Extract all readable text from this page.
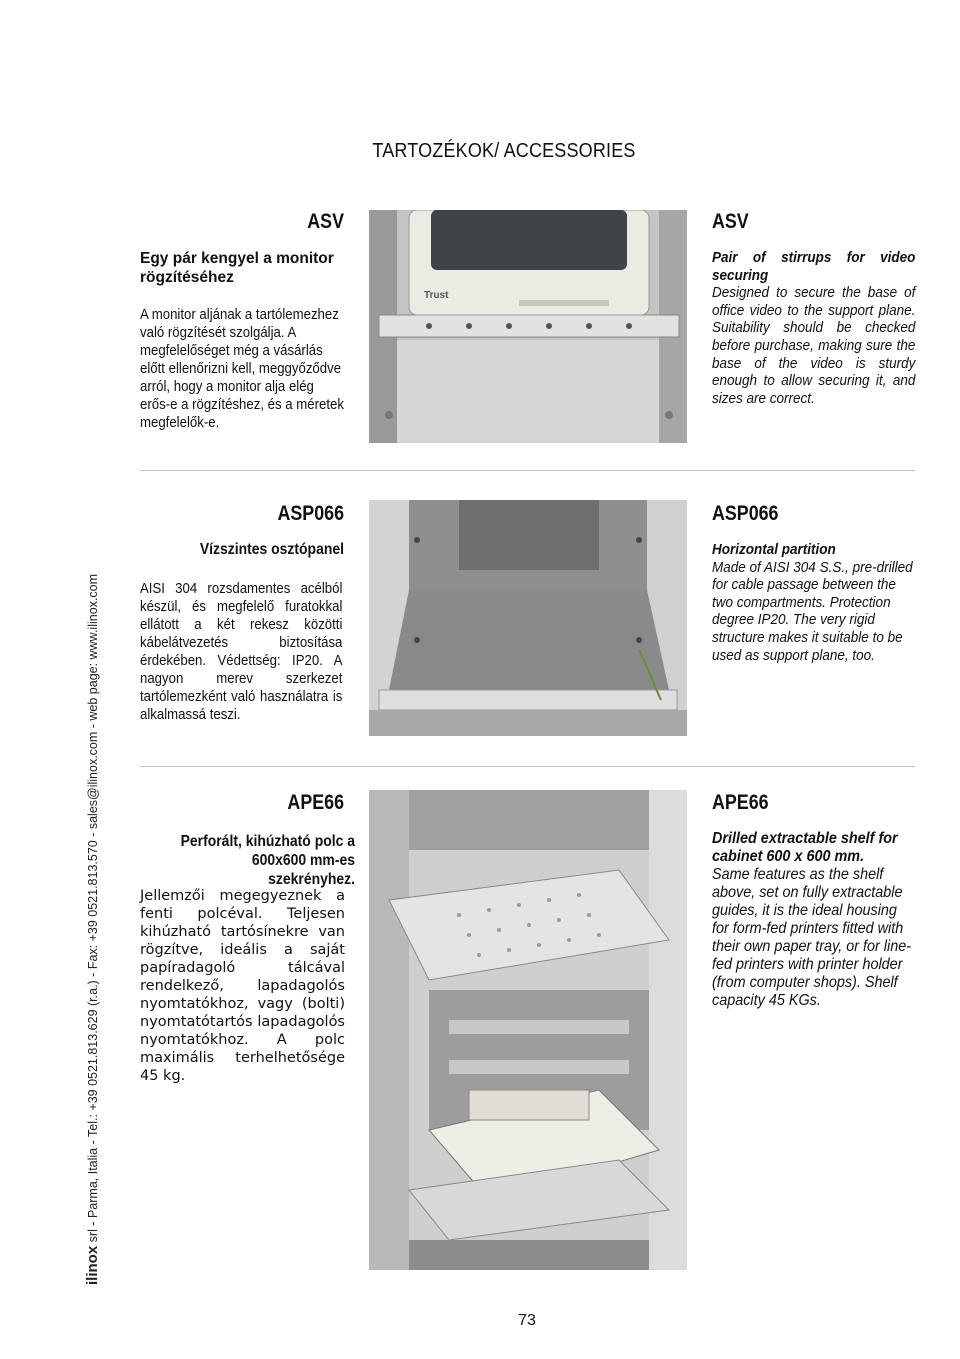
TARTOZÉKOK/ ACCESSORIES
ASV
Egy pár kengyel a monitor rögzítéséhez
A monitor aljának a tartólemezhez való rögzítését szolgálja. A megfelelőséget még a vásárlás előtt ellenőrizni kell, meggyőződve arról, hogy a monitor alja elég erős-e a rögzítéshez, és a méretek megfelelők-e.
Trust
ASV
Pair of stirrups for video securing
Designed to secure the base of office video to the support plane. Suitability should be checked before purchase, making sure the base of the video is sturdy enough to allow securing it, and sizes are correct.
ASP066
Vízszintes osztópanel
AISI 304 rozsdamentes acélból készül, és megfelelő furatokkal ellátott a két rekesz közötti kábelátvezetés biztosítása érdekében. Védettség: IP20. A nagyon merev szerkezet tartólemezként való használatra is alkalmassá teszi.
ASP066
Horizontal partition
Made of AISI 304 S.S., pre-drilled for cable passage between the two compartments. Protection degree IP20. The very rigid structure makes it suitable to be used as support plane, too.
APE66
Perforált, kihúzható polc a 600x600 mm-es szekrényhez.
Jellemzői megegyeznek a fenti polcéval. Teljesen kihúzható tartósínekre van rögzítve, ideális a saját papíradagoló tálcával rendelkező, lapadagolós nyomtatókhoz, vagy (bolti) nyomtatótartós lapadagolós nyomtatókhoz. A polc maximális terhelhetősége 45 kg.
APE66
Drilled extractable shelf for cabinet 600 x 600 mm.
Same features as the shelf above, set on fully extractable guides, it is the ideal housing for form-fed printers fitted with their own paper tray, or for line-fed printers with printer holder (from computer shops). Shelf capacity 45 KGs.
ilinox srl - Parma, Italia - Tel.: +39 0521.813.629 (r.a.) - Fax: +39 0521.813.570 - sales@ilinox.com - web page: www.ilinox.com
73
